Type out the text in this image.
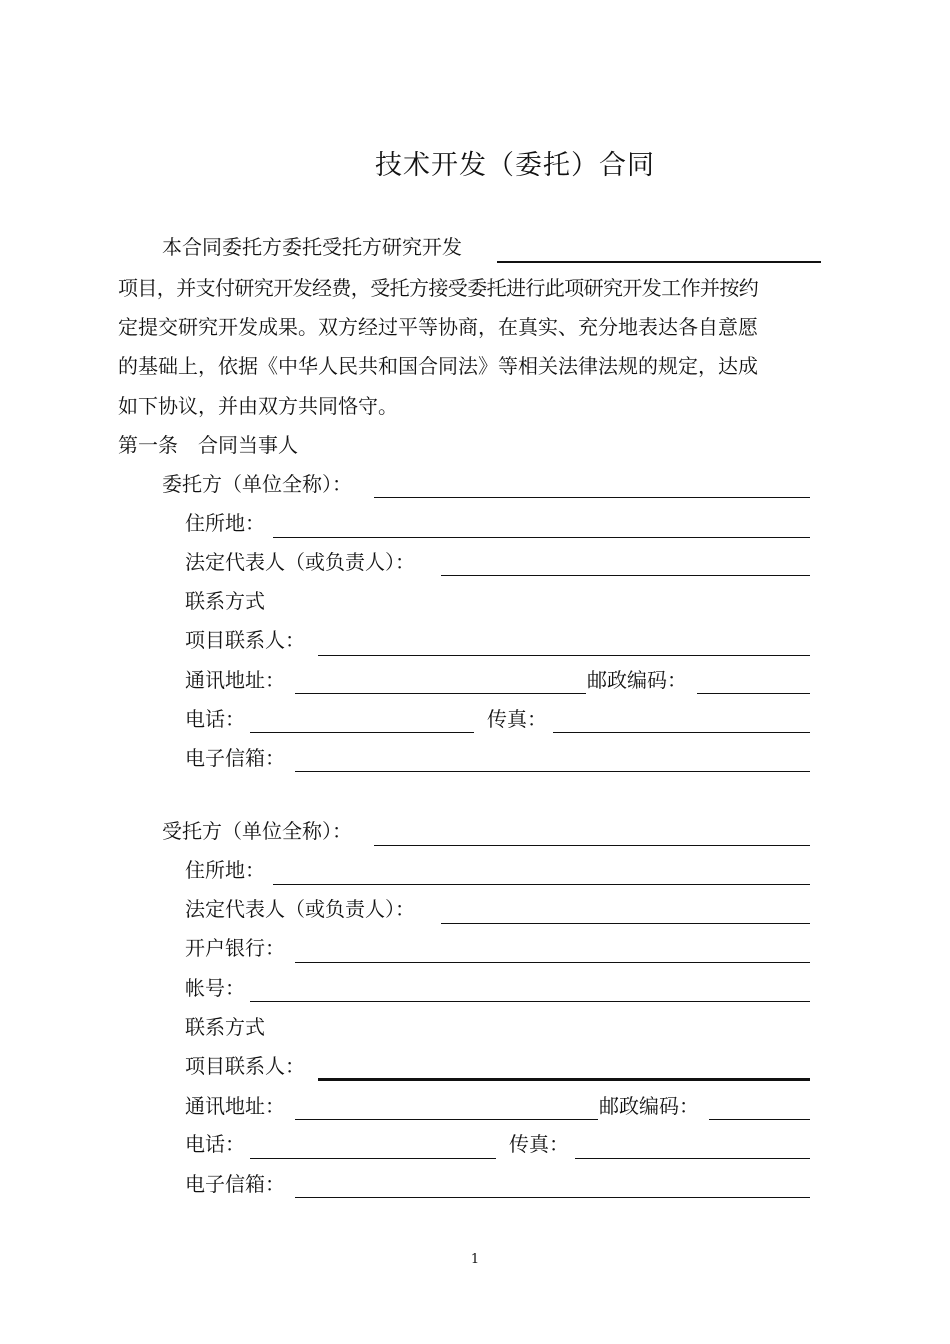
技术开发（委托）合同
本合同委托方委托受托方研究开发
项目，并支付研究开发经费，受托方接受委托进行此项研究开发工作并按约
定提交研究开发成果。双方经过平等协商，在真实、充分地表达各自意愿
的基础上，依据《中华人民共和国合同法》等相关法律法规的规定，达成
如下协议，并由双方共同恪守。
第一条　合同当事人
委托方（单位全称）：
住所地：
法定代表人（或负责人）：
联系方式
项目联系人：
通讯地址：	邮政编码：
电话：	传真：
电子信箱：
受托方（单位全称）：
住所地：
法定代表人（或负责人）：
开户银行：
帐号：
联系方式
项目联系人：
通讯地址：	邮政编码：
电话：	传真：
电子信箱：
1
